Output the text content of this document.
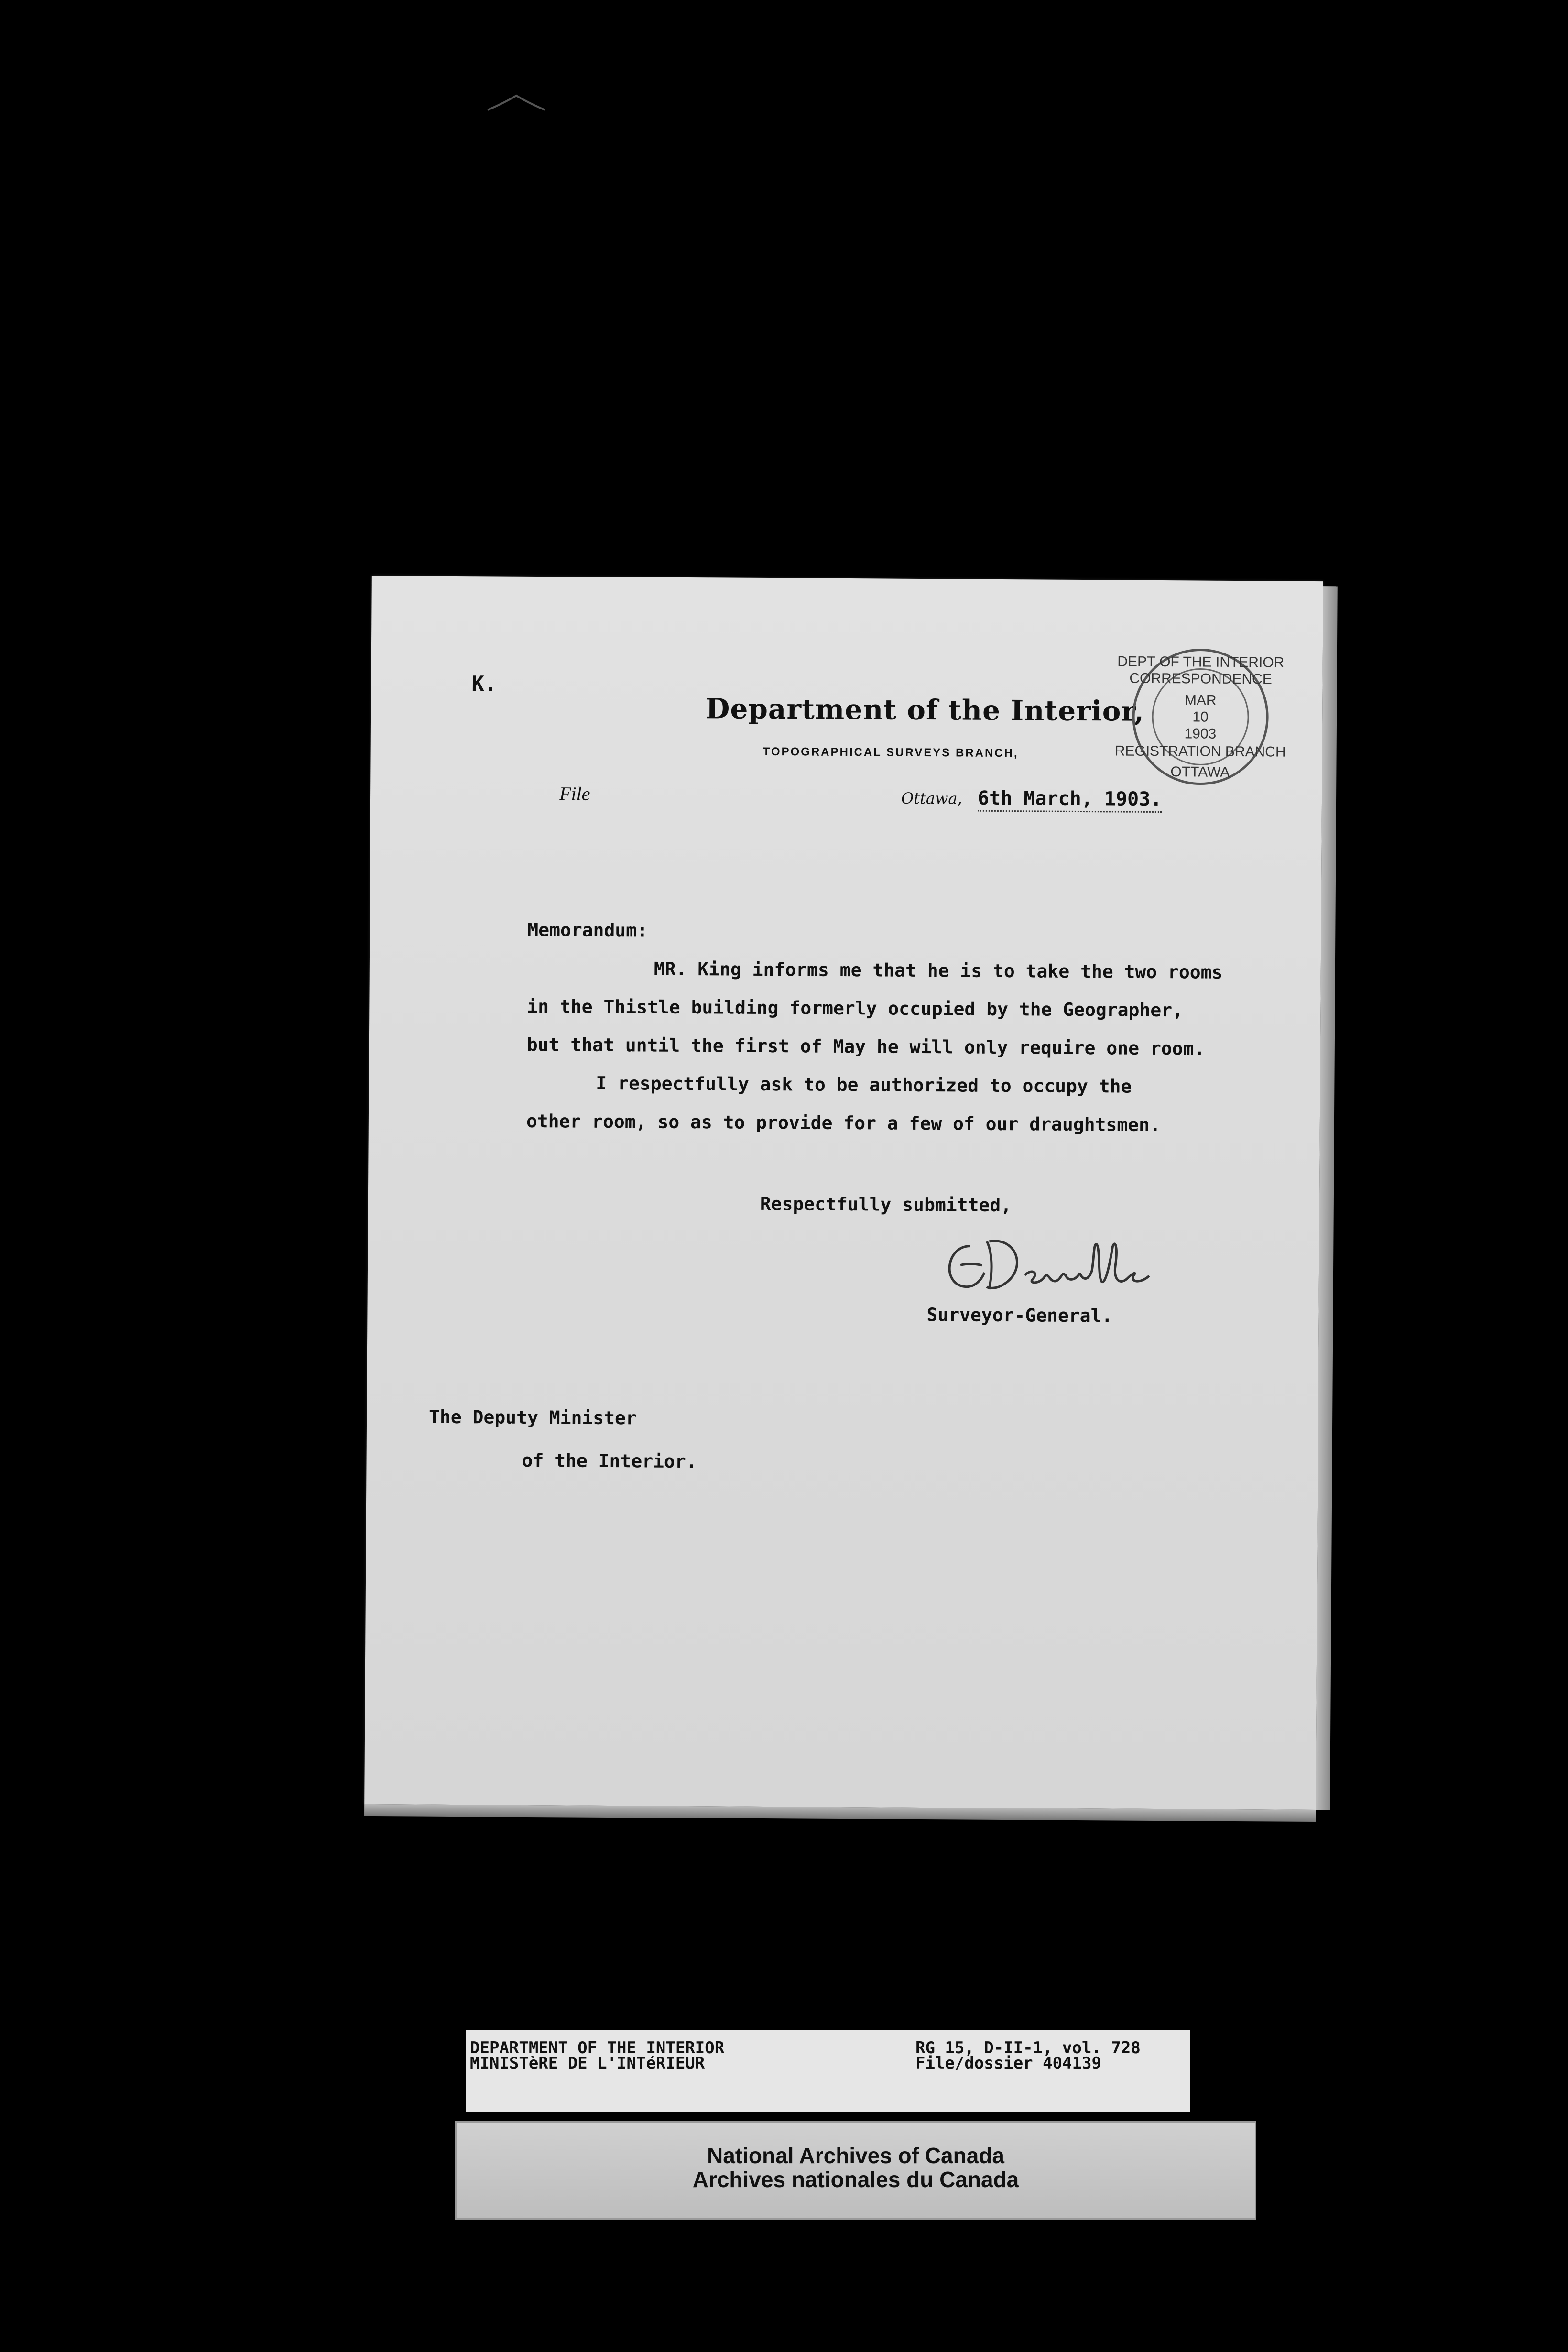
K.
Department of the Interior,
TOPOGRAPHICAL SURVEYS BRANCH,
DEPT OF THE INTERIOR
CORRESPONDENCE
MAR
10
1903
REGISTRATION BRANCH
OTTAWA
File	Ottawa, 6th March, 1903.
Memorandum:
MR. King informs me that he is to take the two rooms
in the Thistle building formerly occupied by the Geographer,
but that until the first of May he will only require one room.
I respectfully ask to be authorized to occupy the
other room, so as to provide for a few of our draughtsmen.
Respectfully submitted,
Surveyor-General.
The Deputy Minister
of the Interior.
DEPARTMENT OF THE INTERIOR
MINISTèRE DE L'INTéRIEUR
RG 15, D-II-1, vol. 728
File/dossier 404139
National Archives of Canada
Archives nationales du Canada
